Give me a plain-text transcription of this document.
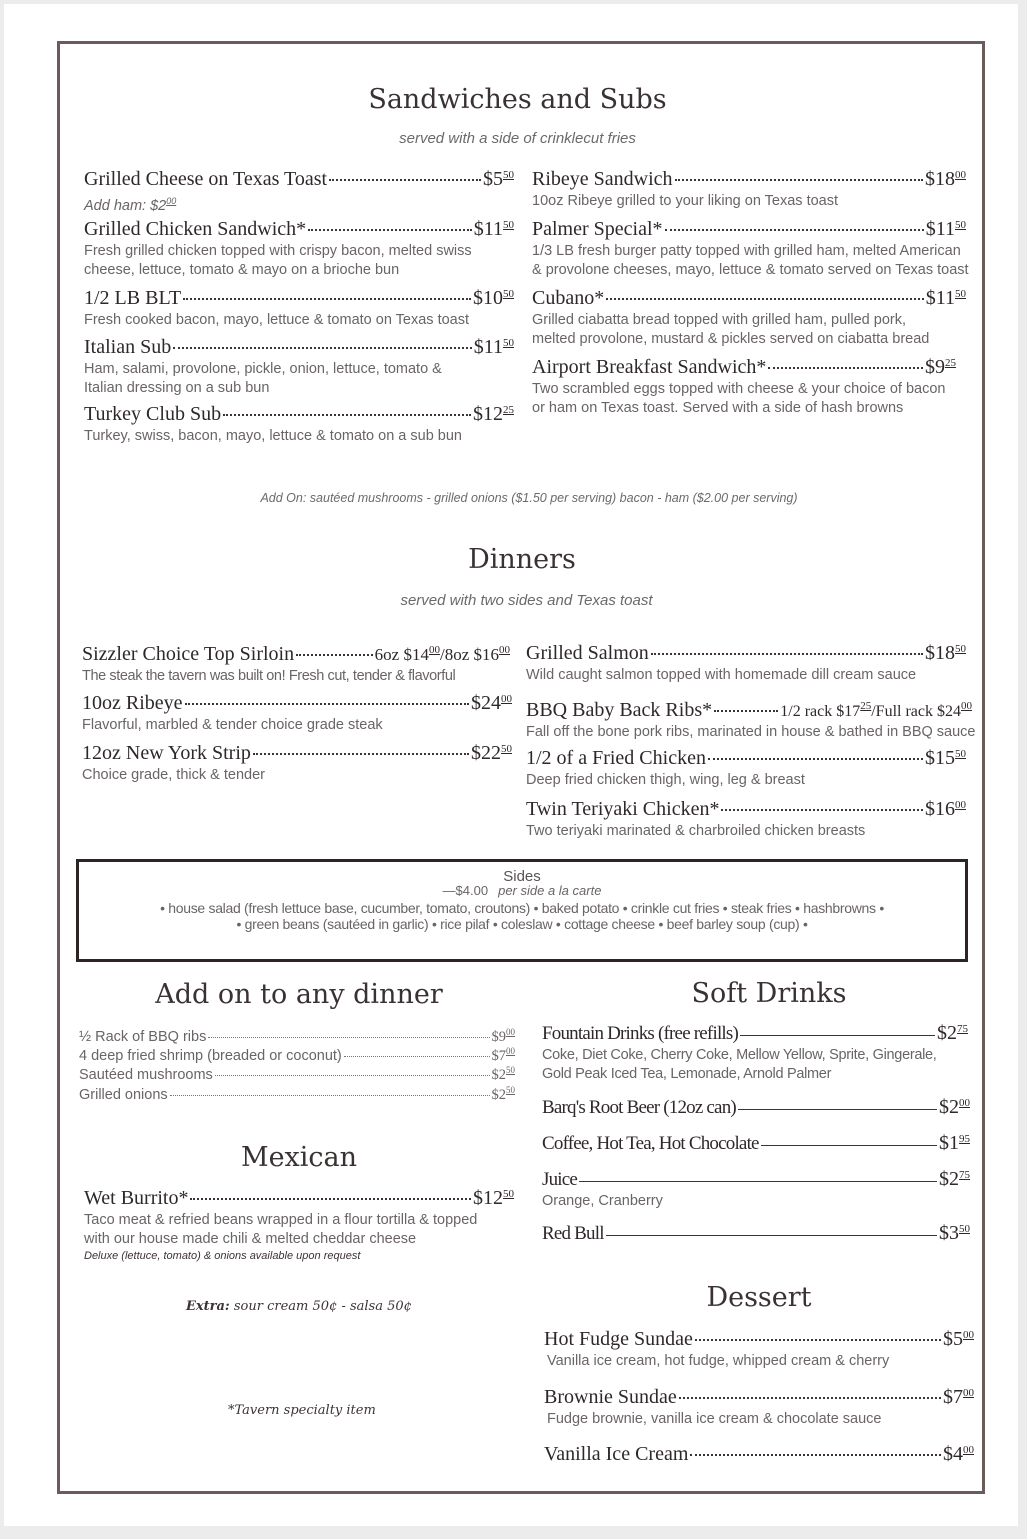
Sandwiches and Subs
served with a side of crinklecut fries
Grilled Cheese on Texas Toast	$\$5^{50}$
Add ham: $\$2^{00}$
Grilled Chicken Sandwich*	$\$11^{50}$
Fresh grilled chicken topped with crispy bacon, melted swiss cheese, lettuce, tomato & mayo on a brioche bun
1/2 LB BLT	$\$10^{50}$
Fresh cooked bacon, mayo, lettuce & tomato on Texas toast
Italian Sub	$\$11^{50}$
Ham, salami, provolone, pickle, onion, lettuce, tomato & Italian dressing on a sub bun
Turkey Club Sub	$\$12^{25}$
Turkey, swiss, bacon, mayo, lettuce & tomato on a sub bun
Ribeye Sandwich	$\$18^{00}$
10oz Ribeye grilled to your liking on Texas toast
Palmer Special*	$\$11^{50}$
1/3 LB fresh burger patty topped with grilled ham, melted American & provolone cheeses, mayo, lettuce & tomato served on Texas toast
Cubano*	$\$11^{50}$
Grilled ciabatta bread topped with grilled ham, pulled pork, melted provolone, mustard & pickles served on ciabatta bread
Airport Breakfast Sandwich*	$\$9^{25}$
Two scrambled eggs topped with cheese & your choice of bacon or ham on Texas toast. Served with a side of hash browns
Add On: sautéed mushrooms - grilled onions ($1.50 per serving) bacon - ham ($2.00 per serving)
Dinners
served with two sides and Texas toast
Sizzler Choice Top Sirloin	6oz $\$14^{00}/8oz$ $\$16^{00}$
The steak the tavern was built on! Fresh cut, tender & flavorful
10oz Ribeye	$\$24^{00}$
Flavorful, marbled & tender choice grade steak
12oz New York Strip	$\$22^{50}$
Choice grade, thick & tender
Grilled Salmon	$\$18^{50}$
Wild caught salmon topped with homemade dill cream sauce
BBQ Baby Back Ribs*	1/2 rack $\$17^{25}$/Full rack $\$24^{00}$
Fall off the bone pork ribs, marinated in house & bathed in BBQ sauce
1/2 of a Fried Chicken	$\$15^{50}$
Deep fried chicken thigh, wing, leg & breast
Twin Teriyaki Chicken*	$\$16^{00}$
Two teriyaki marinated & charbroiled chicken breasts
Sides
—$4.00 per side a la carte
• house salad (fresh lettuce base, cucumber, tomato, croutons) • baked potato • crinkle cut fries • steak fries • hashbrowns •
• green beans (sautéed in garlic) • rice pilaf • coleslaw • cottage cheese • beef barley soup (cup) •
Add on to any dinner
½ Rack of BBQ ribs	$\$9^{00}$
4 deep fried shrimp (breaded or coconut)	$\$7^{00}$
Sautéed mushrooms	$\$2^{50}$
Grilled onions	$\$2^{50}$
Mexican
Wet Burrito*	$\$12^{50}$
Taco meat & refried beans wrapped in a flour tortilla & topped with our house made chili & melted cheddar cheese
Deluxe (lettuce, tomato) & onions available upon request
Extra: sour cream 50¢ - salsa 50¢
*Tavern specialty item
Soft Drinks
Fountain Drinks (free refills)	$\$2^{75}$
Coke, Diet Coke, Cherry Coke, Mellow Yellow, Sprite, Gingerale, Gold Peak Iced Tea, Lemonade, Arnold Palmer
Barq's Root Beer (12oz can)	$\$2^{00}$
Coffee, Hot Tea, Hot Chocolate	$\$1^{95}$
Juice	$\$2^{75}$
Orange, Cranberry
Red Bull	$\$3^{50}$
Dessert
Hot Fudge Sundae	$\$5^{00}$
Vanilla ice cream, hot fudge, whipped cream & cherry
Brownie Sundae	$\$7^{00}$
Fudge brownie, vanilla ice cream & chocolate sauce
Vanilla Ice Cream	$\$4^{00}$
